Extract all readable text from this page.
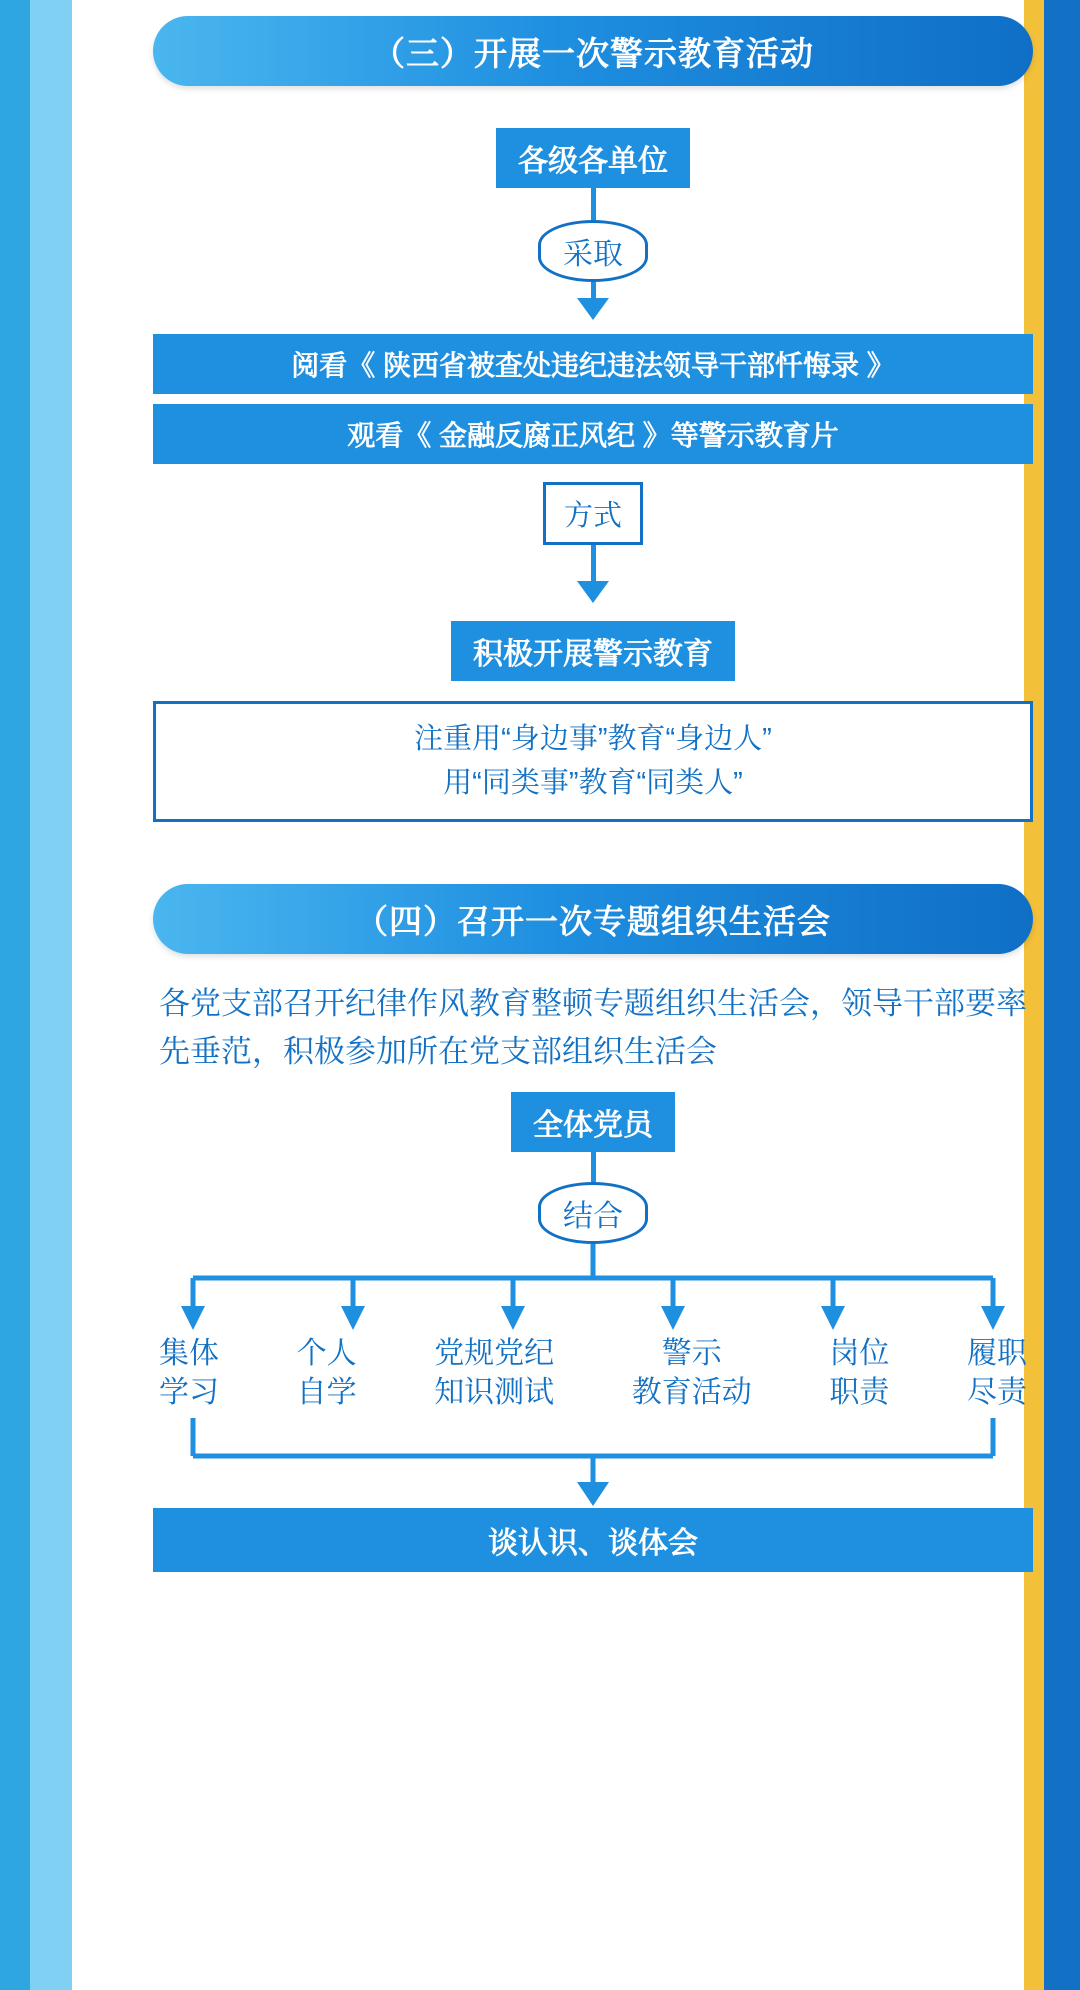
（三）开展一次警示教育活动
各级各单位
采取
阅看《 陕西省被查处违纪违法领导干部忏悔录 》
观看《 金融反腐正风纪 》等警示教育片
方式
积极开展警示教育
注重用“身边事”教育“身边人”
用“同类事”教育“同类人”
（四）召开一次专题组织生活会
各党支部召开纪律作风教育整顿专题组织生活会，领导干部要率先垂范，积极参加所在党支部组织生活会
全体党员
结合
集体
学习
个人
自学
党规党纪
知识测试
警示
教育活动
岗位
职责
履职
尽责
谈认识、谈体会
